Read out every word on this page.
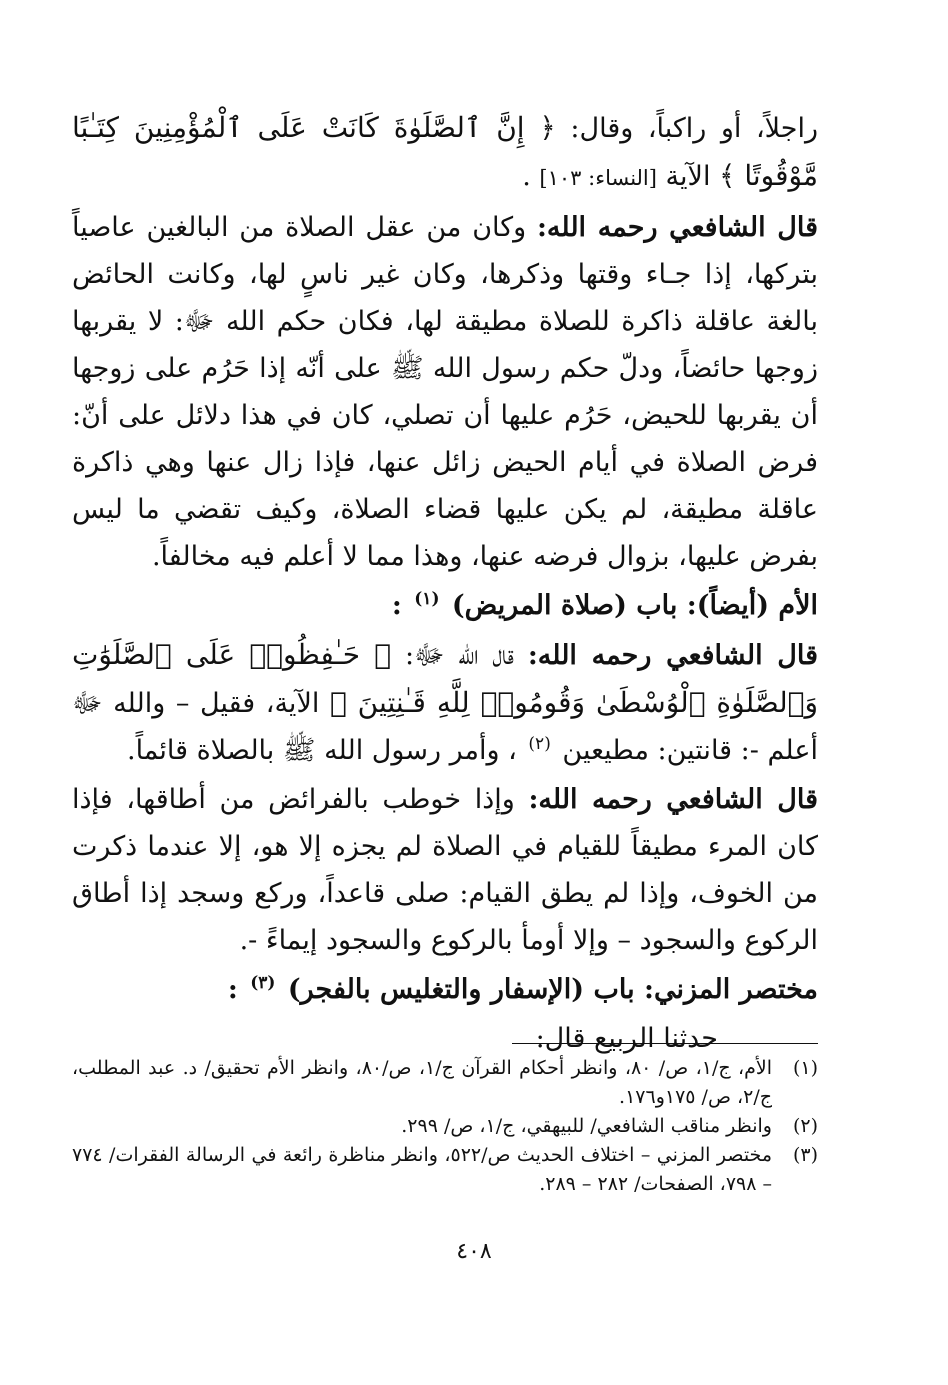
راجلاً، أو راكباً، وقال: ﴿ إِنَّ ٱلصَّلَوٰةَ كَانَتْ عَلَى ٱلْمُؤْمِنِينَ كِتَـٰبًا مَّوْقُوتًا ﴾ الآية [النساء: ١٠٣] .

قال الشافعي رحمه الله: وكان من عقل الصلاة من البالغين عاصياً بتركها، إذا جـاء وقتها وذكرها، وكان غير ناسٍ لها، وكانت الحائض بالغة عاقلة ذاكرة للصلاة مطيقة لها، فكان حكم الله ﷻ: لا يقربها زوجها حائضاً، ودلّ حكم رسول الله ﷺ على أنّه إذا حَرُم على زوجها أن يقربها للحيض، حَرُم عليها أن تصلي، كان في هذا دلائل على أنّ: فرض الصلاة في أيام الحيض زائل عنها، فإذا زال عنها وهي ذاكرة عاقلة مطيقة، لم يكن عليها قضاء الصلاة، وكيف تقضي ما ليس بفرض عليها، بزوال فرضه عنها، وهذا مما لا أعلم فيه مخالفاً.

الأم (أيضاً): باب (صلاة المريض) $^{(١)}$ :

قال الشافعي رحمه الله: قال الله ﷻ: ﴿ حَـٰفِظُوا۟ عَلَى ٱلصَّلَوَٰتِ وَٱلصَّلَوٰةِ ٱلْوُسْطَىٰ وَقُومُوا۟ لِلَّهِ قَـٰنِتِينَ ﴾ الآية، فقيل – والله ﷻ أعلم -: قانتين: مطيعين $^{(٢)}$ ، وأمر رسول الله ﷺ بالصلاة قائماً.

قال الشافعي رحمه الله: وإذا خوطب بالفرائض من أطاقها، فإذا كان المرء مطيقاً للقيام في الصلاة لم يجزه إلا هو، إلا عندما ذكرت من الخوف، وإذا لم يطق القيام: صلى قاعداً، وركع وسجد إذا أطاق الركوع والسجود – وإلا أومأ بالركوع والسجود إيماءً -.

مختصر المزني: باب (الإسفار والتغليس بالفجر) $^{(٣)}$ :

حدثنا الربيع قال:

(١)
الأم، ج/١، ص/ ٨٠، وانظر أحكام القرآن ج/١، ص/٨٠، وانظر الأم تحقيق/ د. عبد المطلب، ج/٢، ص/ ١٧٥و١٧٦.
(٢)
وانظر مناقب الشافعي/ للبيهقي، ج/١، ص/ ٢٩٩.
(٣)
مختصر المزني – اختلاف الحديث ص/٥٢٢، وانظر مناظرة رائعة في الرسالة الفقرات/ ٧٧٤ – ٧٩٨، الصفحات/ ٢٨٢ – ٢٨٩.
٤٠٨
